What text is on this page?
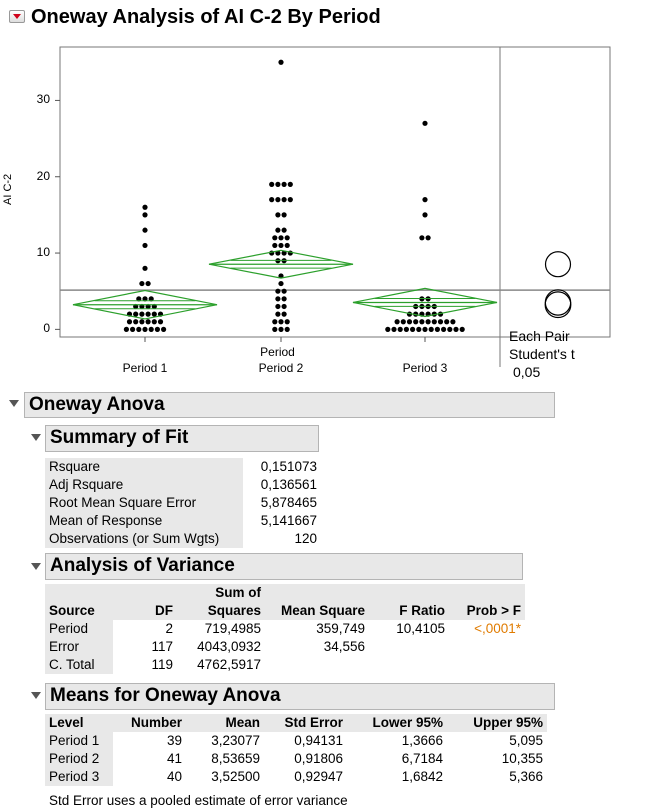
Oneway Analysis of AI C-2 By Period
AI C-2
Period
Each Pair
Student's t
0,05
Period 1	Period 2	Period 3
0
10
20
30
Oneway Anova
Summary of Fit
Rsquare	0,151073
Adj Rsquare	0,136561
Root Mean Square Error	5,878465
Mean of Response	5,141667
Observations (or Sum Wgts)	120
Analysis of Variance
Source	DF	Sum of	Mean Square	F Ratio	Prob > F
		Squares			
Period	2	719,4985	359,749	10,4105	<,0001*
Error	117	4043,0932	34,556		
C. Total	119	4762,5917			
Means for Oneway Anova
Level	Number	Mean	Std Error	Lower 95%	Upper 95%
Period 1	39	3,23077	0,94131	1,3666	5,095
Period 2	41	8,53659	0,91806	6,7184	10,355
Period 3	40	3,52500	0,92947	1,6842	5,366
Std Error uses a pooled estimate of error variance
